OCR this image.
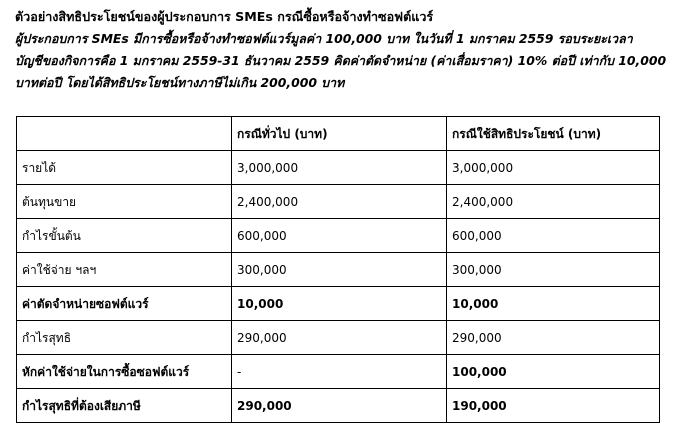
ตัวอย่างสิทธิประโยชน์ของผู้ประกอบการ SMEs กรณีซื้อหรือจ้างทำซอฟต์แวร์
ผู้ประกอบการ SMEs มีการซื้อหรือจ้างทำซอฟต์แวร์มูลค่า 100,000 บาท ในวันที่ 1 มกราคม 2559 รอบระยะเวลา
บัญชีของกิจการคือ 1 มกราคม 2559-31 ธันวาคม 2559 คิดค่าตัดจำหน่าย (ค่าเสื่อมราคา) 10% ต่อปี เท่ากับ 10,000
บาทต่อปี โดยได้สิทธิประโยชน์ทางภาษีไม่เกิน 200,000 บาท
	กรณีทั่วไป (บาท)	กรณีใช้สิทธิประโยชน์ (บาท)
รายได้	3,000,000	3,000,000
ต้นทุนขาย	2,400,000	2,400,000
กำไรขั้นต้น	600,000	600,000
ค่าใช้จ่าย ฯลฯ	300,000	300,000
ค่าตัดจำหน่ายซอฟต์แวร์	10,000	10,000
กำไรสุทธิ	290,000	290,000
หักค่าใช้จ่ายในการซื้อซอฟต์แวร์	-	100,000
กำไรสุทธิที่ต้องเสียภาษี	290,000	190,000
